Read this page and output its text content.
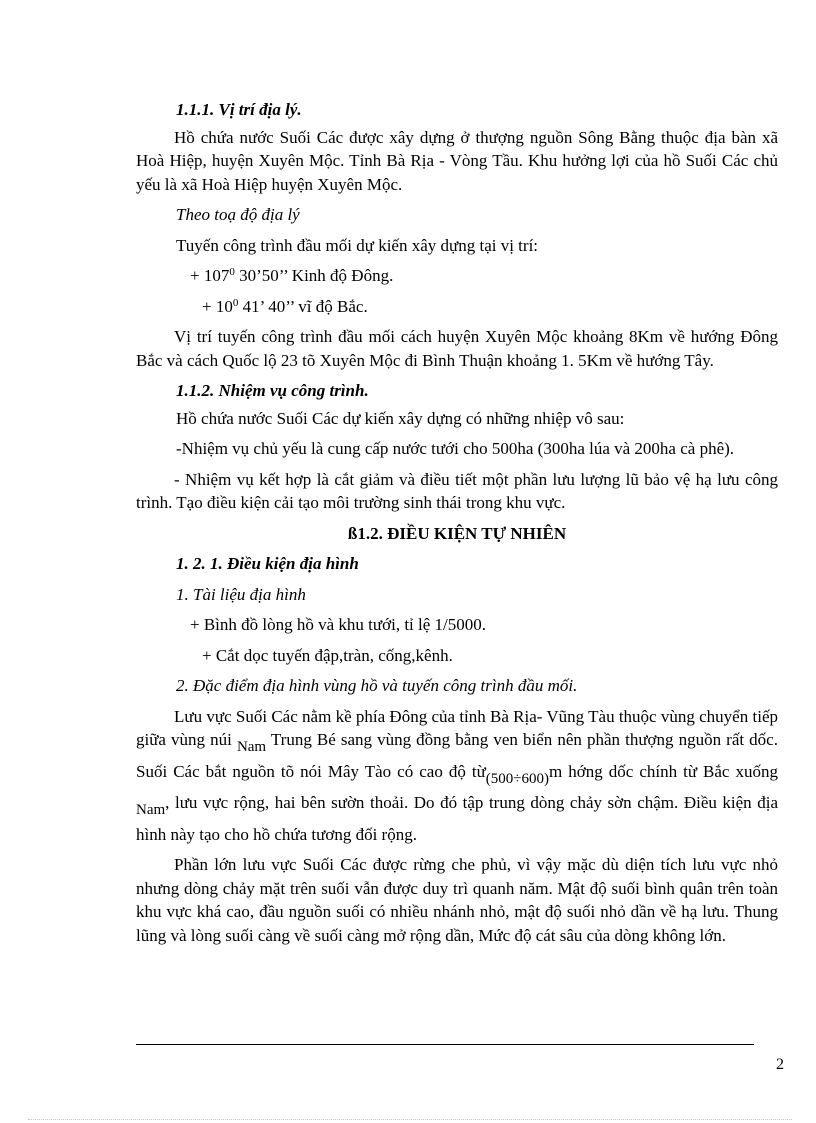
1.1.1. Vị trí địa lý.

Hồ chứa nước Suối Các được xây dựng ở thượng nguồn Sông Bằng thuộc địa bàn xã Hoà Hiệp, huyện Xuyên Mộc. Tỉnh Bà Rịa - Vòng Tầu. Khu hưởng lợi của hồ Suối Các chủ yếu là xã Hoà Hiệp huyện Xuyên Mộc.

Theo toạ độ địa lý

Tuyến công trình đầu mối dự kiến xây dựng tại vị trí:

+ $107^0$ 30’50’’ Kinh độ Đông.

+ $10^0$ 41’ 40’’ vĩ độ Bắc.

Vị trí tuyến công trình đầu mối cách huyện Xuyên Mộc khoảng 8Km về hướng Đông Bắc và cách Quốc lộ 23 tõ Xuyên Mộc đi Bình Thuận khoảng 1. 5Km về hướng Tây.

1.1.2. Nhiệm vụ công trình.

Hồ chứa nước Suối Các dự kiến xây dựng có những nhiệp vô sau:

-Nhiệm vụ chủ yếu là cung cấp nước tưới cho 500ha (300ha lúa và 200ha cà phê).

- Nhiệm vụ kết hợp là cắt giảm và điều tiết một phần lưu lượng lũ bảo vệ hạ lưu công trình. Tạo điều kiện cải tạo môi trường sinh thái trong khu vực.

ß1.2. ĐIỀU KIỆN TỰ NHIÊN

1. 2. 1. Điều kiện địa hình

1. Tài liệu địa hình

+ Bình đồ lòng hồ và khu tưới, tỉ lệ 1/5000.

+ Cắt dọc tuyến đập,tràn, cống,kênh.

2. Đặc điểm địa hình vùng hồ và tuyến công trình đầu mối.

Lưu vực Suối Các nằm kề phía Đông của tỉnh Bà Rịa- Vũng Tàu thuộc vùng chuyển tiếp giữa vùng núi Nam Trung Bé sang vùng đồng bằng ven biển nên phần thượng nguồn rất dốc. Suối Các bắt nguồn tõ nói Mây Tào có cao độ từ(500÷600)m hớng dốc chính từ Bắc xuống Nam, lưu vực rộng, hai bên sườn thoải. Do đó tập trung dòng chảy sờn chậm. Điều kiện địa hình này tạo cho hồ chứa tương đối rộng.

Phần lớn lưu vực Suối Các được rừng che phủ, vì vậy mặc dù diện tích lưu vực nhỏ nhưng dòng chảy mặt trên suối vẫn được duy trì quanh năm. Mật độ suối bình quân trên toàn khu vực khá cao, đầu nguồn suối có nhiều nhánh nhỏ, mật độ suối nhỏ dần về hạ lưu. Thung lũng và lòng suối càng về suối càng mở rộng dần, Mức độ cát sâu của dòng không lớn.

2
